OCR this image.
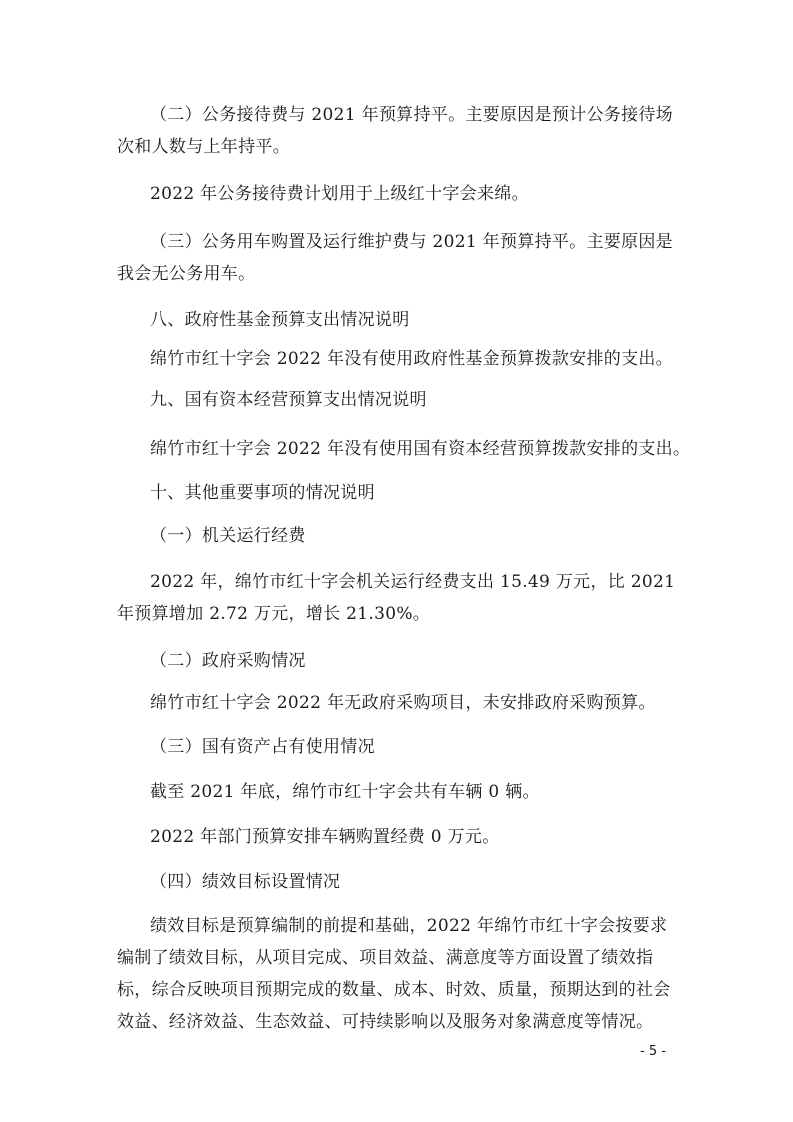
（二）公务接待费与 2021 年预算持平。主要原因是预计公务接待场次和人数与上年持平。

2022 年公务接待费计划用于上级红十字会来绵。

（三）公务用车购置及运行维护费与 2021 年预算持平。主要原因是我会无公务用车。

八、政府性基金预算支出情况说明

绵竹市红十字会 2022 年没有使用政府性基金预算拨款安排的支出。

九、国有资本经营预算支出情况说明

绵竹市红十字会 2022 年没有使用国有资本经营预算拨款安排的支出。

十、其他重要事项的情况说明

（一）机关运行经费

2022 年，绵竹市红十字会机关运行经费支出 15.49 万元，比 2021 年预算增加 2.72 万元，增长 21.30%。

（二）政府采购情况

绵竹市红十字会 2022 年无政府采购项目，未安排政府采购预算。

（三）国有资产占有使用情况

截至 2021 年底，绵竹市红十字会共有车辆 0 辆。

2022 年部门预算安排车辆购置经费 0 万元。

（四）绩效目标设置情况

绩效目标是预算编制的前提和基础，2022 年绵竹市红十字会按要求编制了绩效目标，从项目完成、项目效益、满意度等方面设置了绩效指标，综合反映项目预期完成的数量、成本、时效、质量，预期达到的社会效益、经济效益、生态效益、可持续影响以及服务对象满意度等情况。

- 5 -
